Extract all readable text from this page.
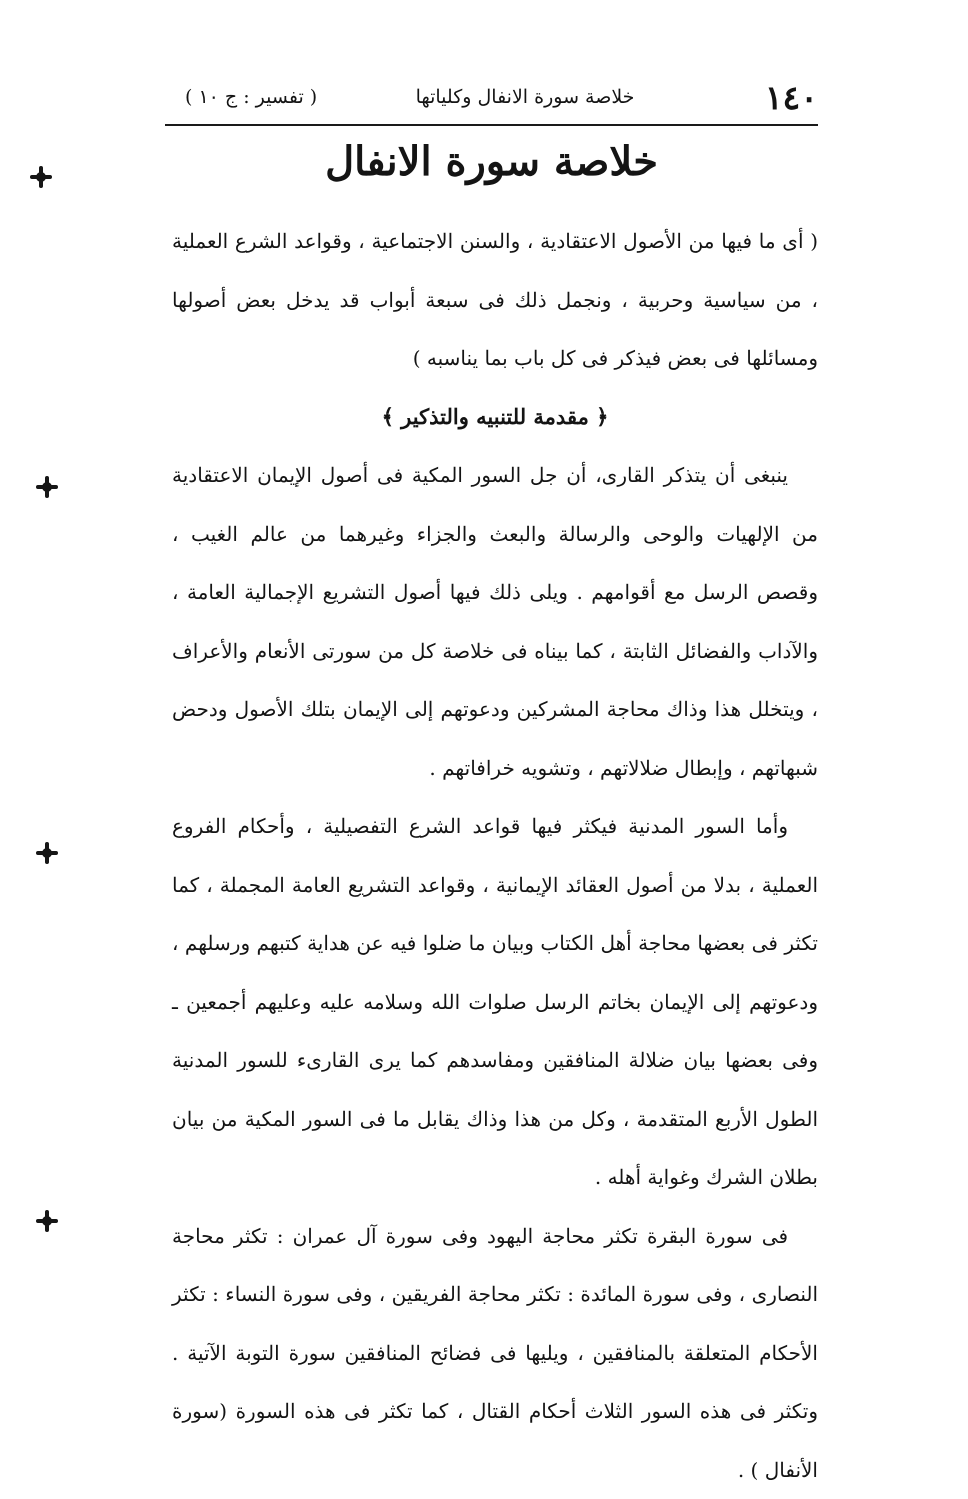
١٤٠
خلاصة سورة الانفال وكلياتها
( تفسير : ج ١٠ )
خلاصة سورة الانفال

( أى ما فيها من الأصول الاعتقادية ، والسنن الاجتماعية ، وقواعد الشرع العملية ، من سياسية وحربية ، ونجمل ذلك فى سبعة أبواب قد يدخل بعض أصولها ومسائلها فى بعض فيذكر فى كل باب بما يناسبه )

﴿ مقدمة للتنبيه والتذكير ﴾

ينبغى أن يتذكر القارى، أن جل السور المكية فى أصول الإيمان الاعتقادية من الإلهيات والوحى والرسالة والبعث والجزاء وغيرهما من عالم الغيب ، وقصص الرسل مع أقوامهم . ويلى ذلك فيها أصول التشريع الإجمالية العامة ، والآداب والفضائل الثابتة ، كما بيناه فى خلاصة كل من سورتى الأنعام والأعراف ، ويتخلل هذا وذاك محاجة المشركين ودعوتهم إلى الإيمان بتلك الأصول ودحض شبهاتهم ، وإبطال ضلالاتهم ، وتشويه خرافاتهم .

وأما السور المدنية فيكثر فيها قواعد الشرع التفصيلية ، وأحكام الفروع العملية ، بدلا من أصول العقائد الإيمانية ، وقواعد التشريع العامة المجملة ، كما تكثر فى بعضها محاجة أهل الكتاب وبيان ما ضلوا فيه عن هداية كتبهم ورسلهم ، ودعوتهم إلى الإيمان بخاتم الرسل صلوات الله وسلامه عليه وعليهم أجمعين ـ وفى بعضها بيان ضلالة المنافقين ومفاسدهم كما يرى القارىء للسور المدنية الطول الأربع المتقدمة ، وكل من هذا وذاك يقابل ما فى السور المكية من بيان بطلان الشرك وغواية أهله .

فى سورة البقرة تكثر محاجة اليهود وفى سورة آل عمران : تكثر محاجة النصارى ، وفى سورة المائدة : تكثر محاجة الفريقين ، وفى سورة النساء : تكثر الأحكام المتعلقة بالمنافقين ، ويليها فى فضائح المنافقين سورة التوبة الآتية . وتكثر فى هذه السور الثلاث أحكام القتال ، كما تكثر فى هذه السورة (سورة الأنفال ) .
